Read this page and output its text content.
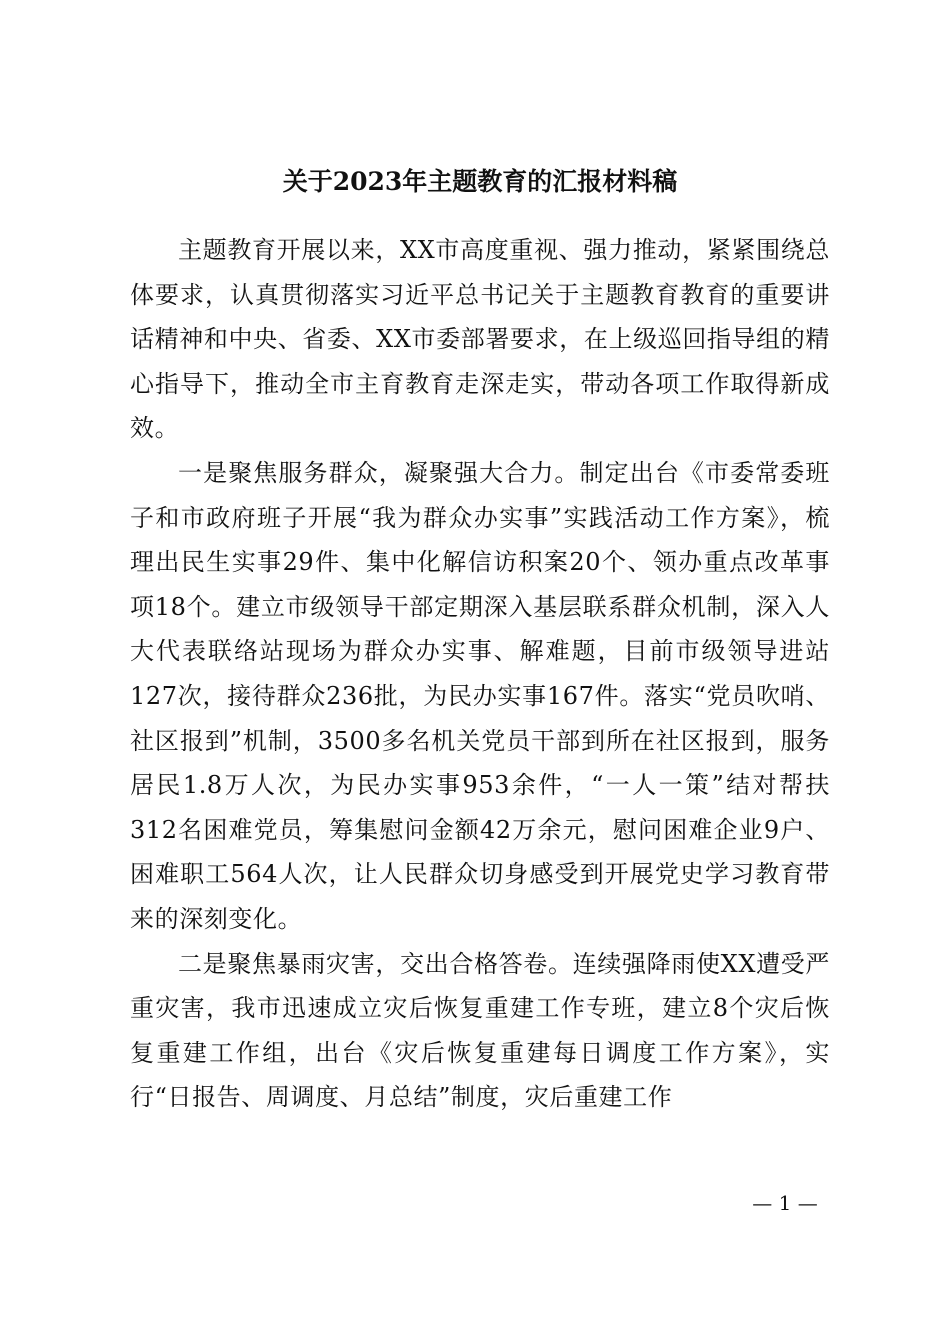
关于2023年主题教育的汇报材料稿

主题教育开展以来，XX市高度重视、强力推动，紧紧围绕总体要求，认真贯彻落实习近平总书记关于主题教育教育的重要讲话精神和中央、省委、XX市委部署要求，在上级巡回指导组的精心指导下，推动全市主育教育走深走实，带动各项工作取得新成效。

一是聚焦服务群众，凝聚强大合力。制定出台《市委常委班子和市政府班子开展“我为群众办实事”实践活动工作方案》，梳理出民生实事29件、集中化解信访积案20个、领办重点改革事项18个。建立市级领导干部定期深入基层联系群众机制，深入人大代表联络站现场为群众办实事、解难题，目前市级领导进站127次，接待群众236批，为民办实事167件。落实“党员吹哨、社区报到”机制，3500多名机关党员干部到所在社区报到，服务居民1.8万人次，为民办实事953余件，“一人一策”结对帮扶312名困难党员，筹集慰问金额42万余元，慰问困难企业9户、困难职工564人次，让人民群众切身感受到开展党史学习教育带来的深刻变化。

二是聚焦暴雨灾害，交出合格答卷。连续强降雨使XX遭受严重灾害，我市迅速成立灾后恢复重建工作专班，建立8个灾后恢复重建工作组，出台《灾后恢复重建每日调度工作方案》，实行“日报告、周调度、月总结”制度，灾后重建工作

— 1 —
